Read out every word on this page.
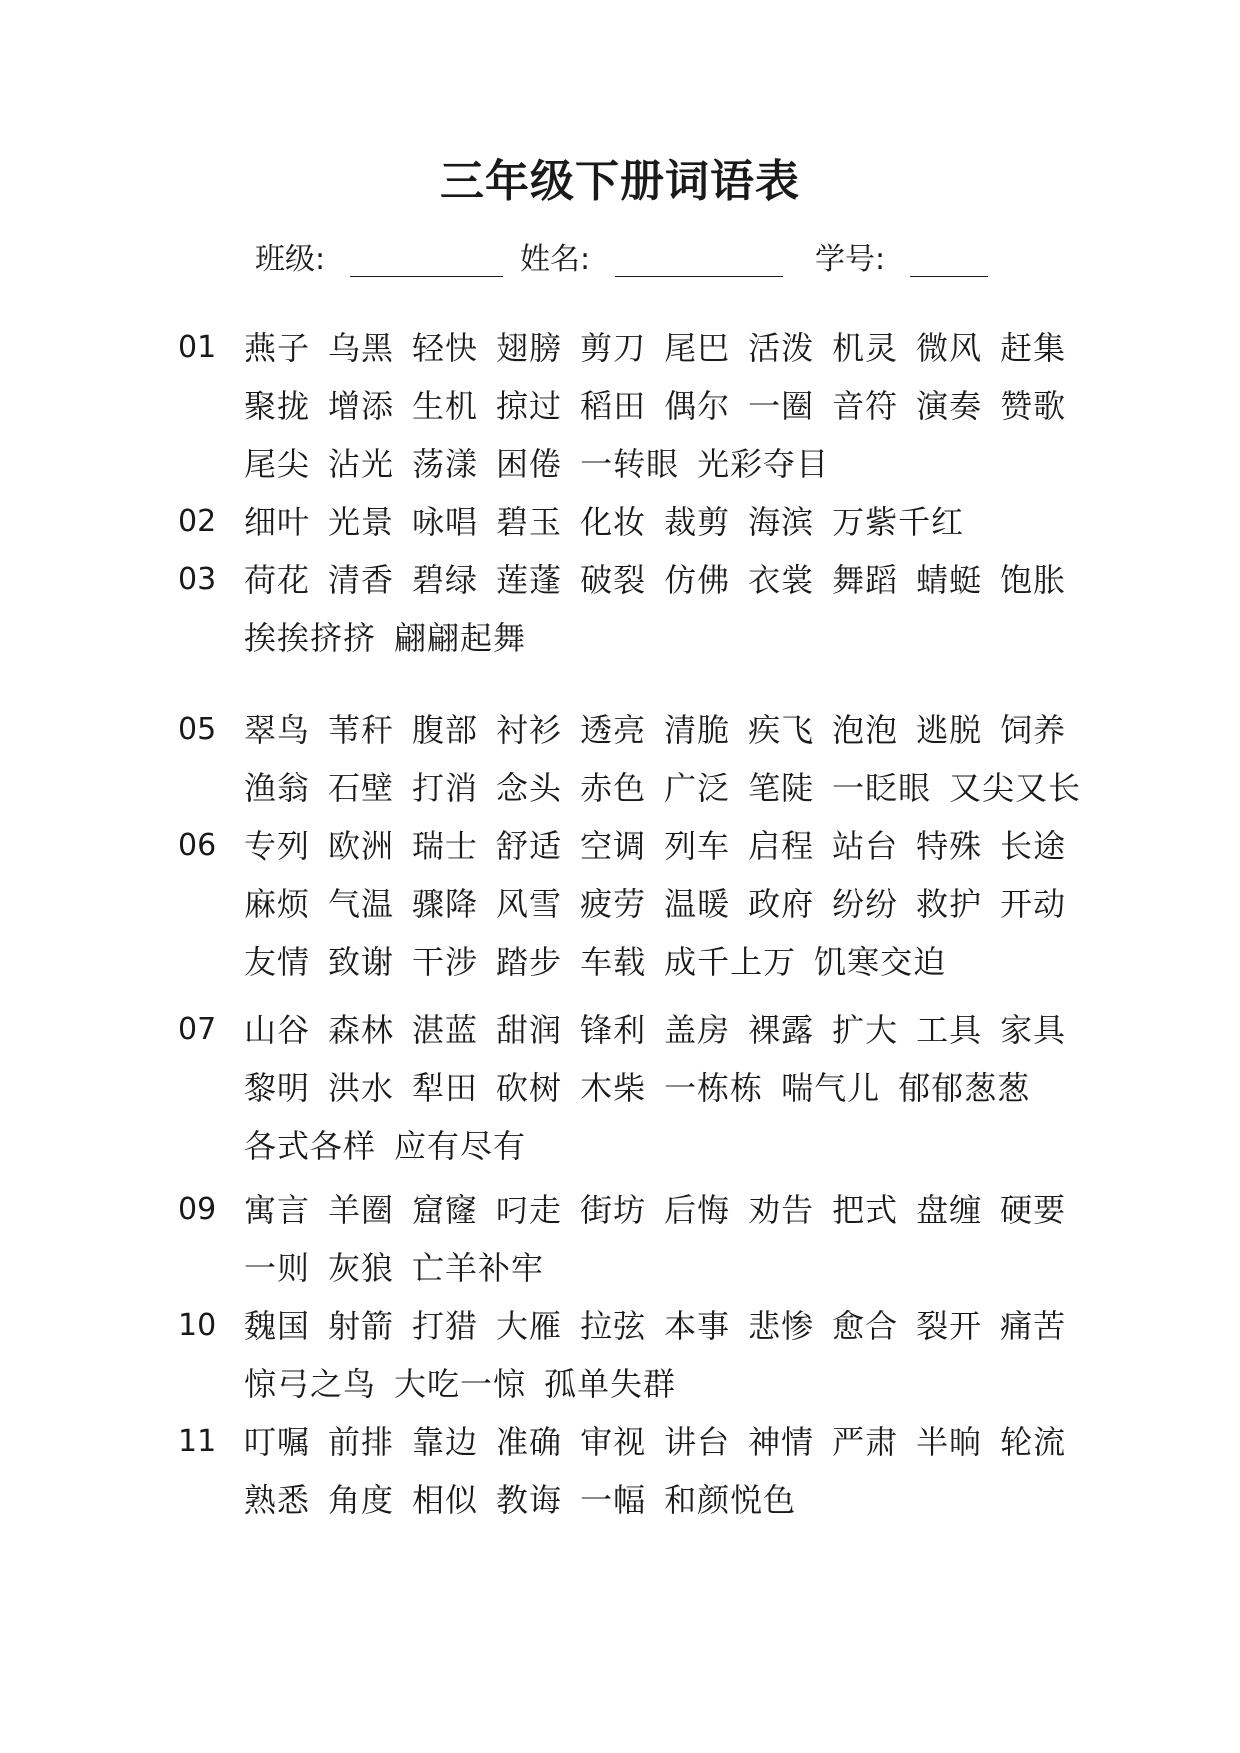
三年级下册词语表
班级:	姓名:	学号:
01 燕子 乌黑 轻快 翅膀 剪刀 尾巴 活泼 机灵 微风 赶集
聚拢 增添 生机 掠过 稻田 偶尔 一圈 音符 演奏 赞歌
尾尖 沾光 荡漾 困倦 一转眼 光彩夺目
02 细叶 光景 咏唱 碧玉 化妆 裁剪 海滨 万紫千红
03 荷花 清香 碧绿 莲蓬 破裂 仿佛 衣裳 舞蹈 蜻蜓 饱胀
挨挨挤挤 翩翩起舞
05 翠鸟 苇秆 腹部 衬衫 透亮 清脆 疾飞 泡泡 逃脱 饲养
渔翁 石壁 打消 念头 赤色 广泛 笔陡 一眨眼 又尖又长
06 专列 欧洲 瑞士 舒适 空调 列车 启程 站台 特殊 长途
麻烦 气温 骤降 风雪 疲劳 温暖 政府 纷纷 救护 开动
友情 致谢 干涉 踏步 车载 成千上万 饥寒交迫
07 山谷 森林 湛蓝 甜润 锋利 盖房 裸露 扩大 工具 家具
黎明 洪水 犁田 砍树 木柴 一栋栋 喘气儿 郁郁葱葱
各式各样 应有尽有
09 寓言 羊圈 窟窿 叼走 街坊 后悔 劝告 把式 盘缠 硬要
一则 灰狼 亡羊补牢
10 魏国 射箭 打猎 大雁 拉弦 本事 悲惨 愈合 裂开 痛苦
惊弓之鸟 大吃一惊 孤单失群
11 叮嘱 前排 靠边 准确 审视 讲台 神情 严肃 半晌 轮流
熟悉 角度 相似 教诲 一幅 和颜悦色
